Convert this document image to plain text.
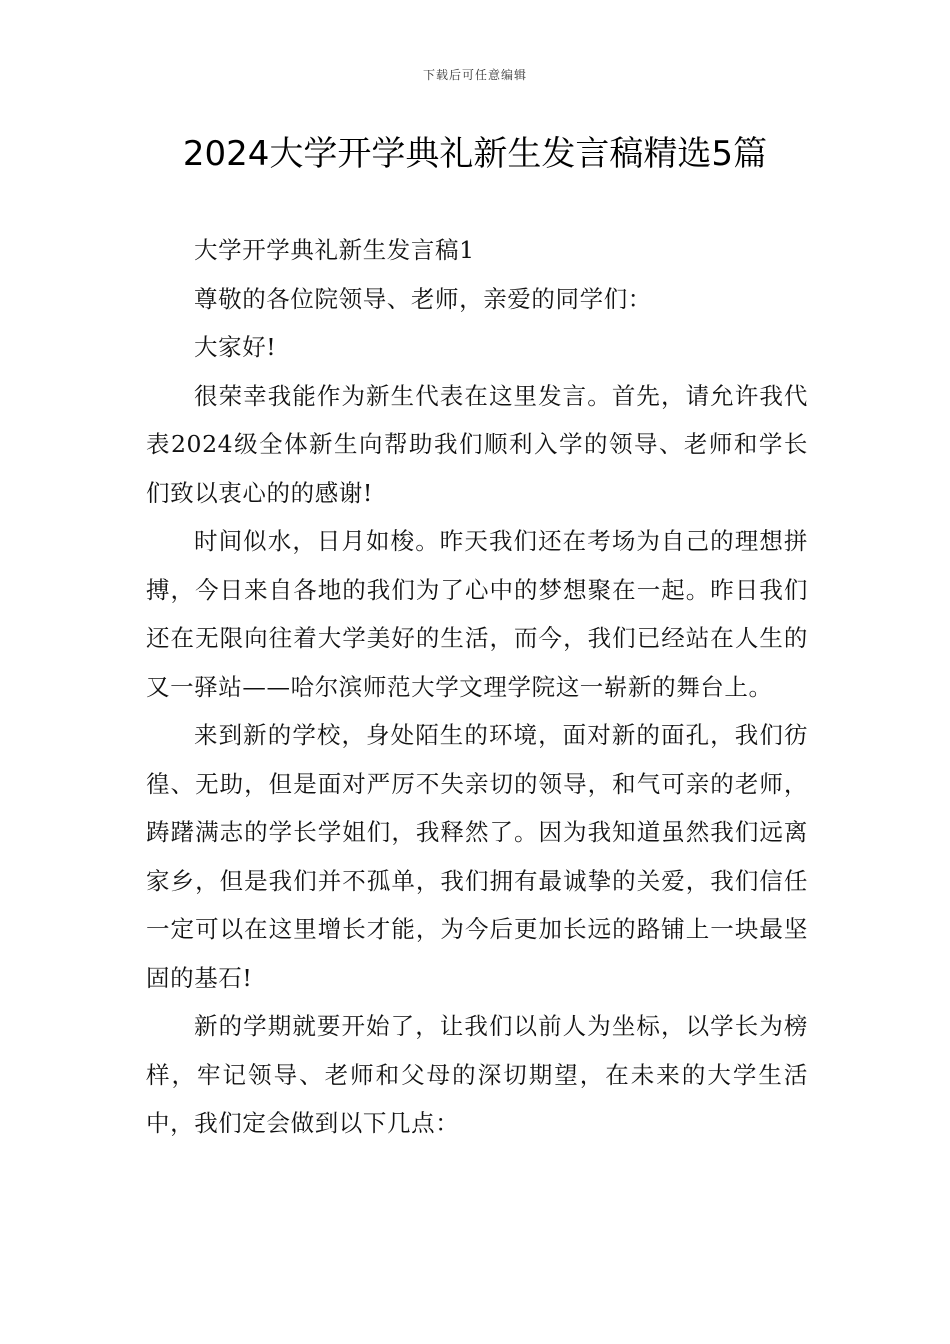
下载后可任意编辑
2024大学开学典礼新生发言稿精选5篇

大学开学典礼新生发言稿1

尊敬的各位院领导、老师，亲爱的同学们：

大家好!

很荣幸我能作为新生代表在这里发言。首先，请允许我代表2024级全体新生向帮助我们顺利入学的领导、老师和学长们致以衷心的的感谢!

时间似水，日月如梭。昨天我们还在考场为自己的理想拼搏，今日来自各地的我们为了心中的梦想聚在一起。昨日我们还在无限向往着大学美好的生活，而今，我们已经站在人生的又一驿站——哈尔滨师范大学文理学院这一崭新的舞台上。

来到新的学校，身处陌生的环境，面对新的面孔，我们彷徨、无助，但是面对严厉不失亲切的领导，和气可亲的老师，踌躇满志的学长学姐们，我释然了。因为我知道虽然我们远离家乡，但是我们并不孤单，我们拥有最诚挚的关爱，我们信任一定可以在这里增长才能，为今后更加长远的路铺上一块最坚固的基石!

新的学期就要开始了，让我们以前人为坐标，以学长为榜样，牢记领导、老师和父母的深切期望，在未来的大学生活中，我们定会做到以下几点：
